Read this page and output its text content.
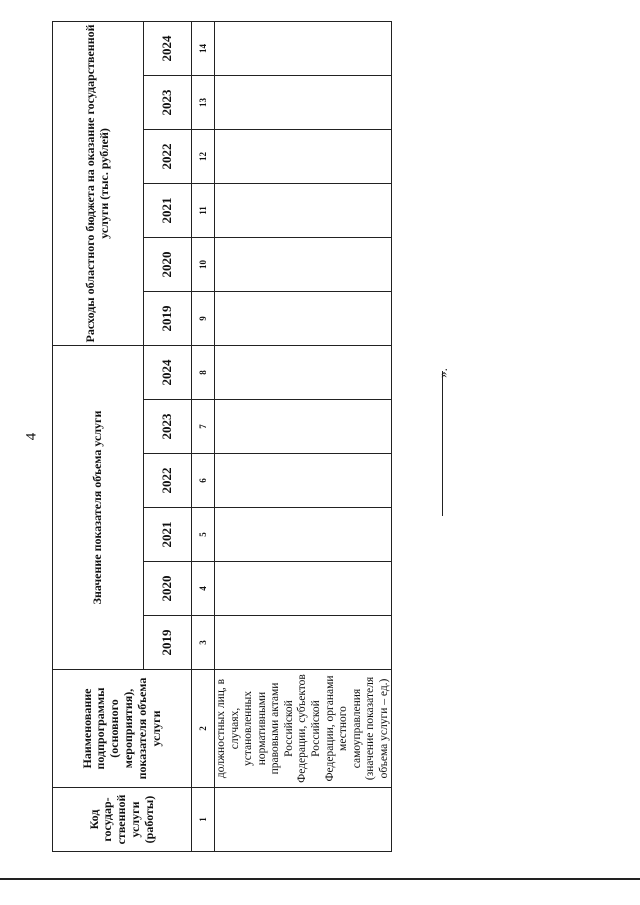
4
Код государ-ственной услуги (работы)	Наименование подпрограммы (основного мероприятия), показателя объема услуги	Значение показателя объема услуги						Расходы областного бюджета на оказание государственной услуги (тыс. рублей)					
		2019	2020	2021	2022	2023	2024	2019	2020	2021	2022	2023	2024
1	2	3	4	5	6	7	8	9	10	11	12	13	14
	должностных лиц, в случаях, установленных нормативными правовыми актами Российской Федерации, субъектов Российской Федерации, органами местного самоуправления (значение показателя объема услуги – ед.)												
».
